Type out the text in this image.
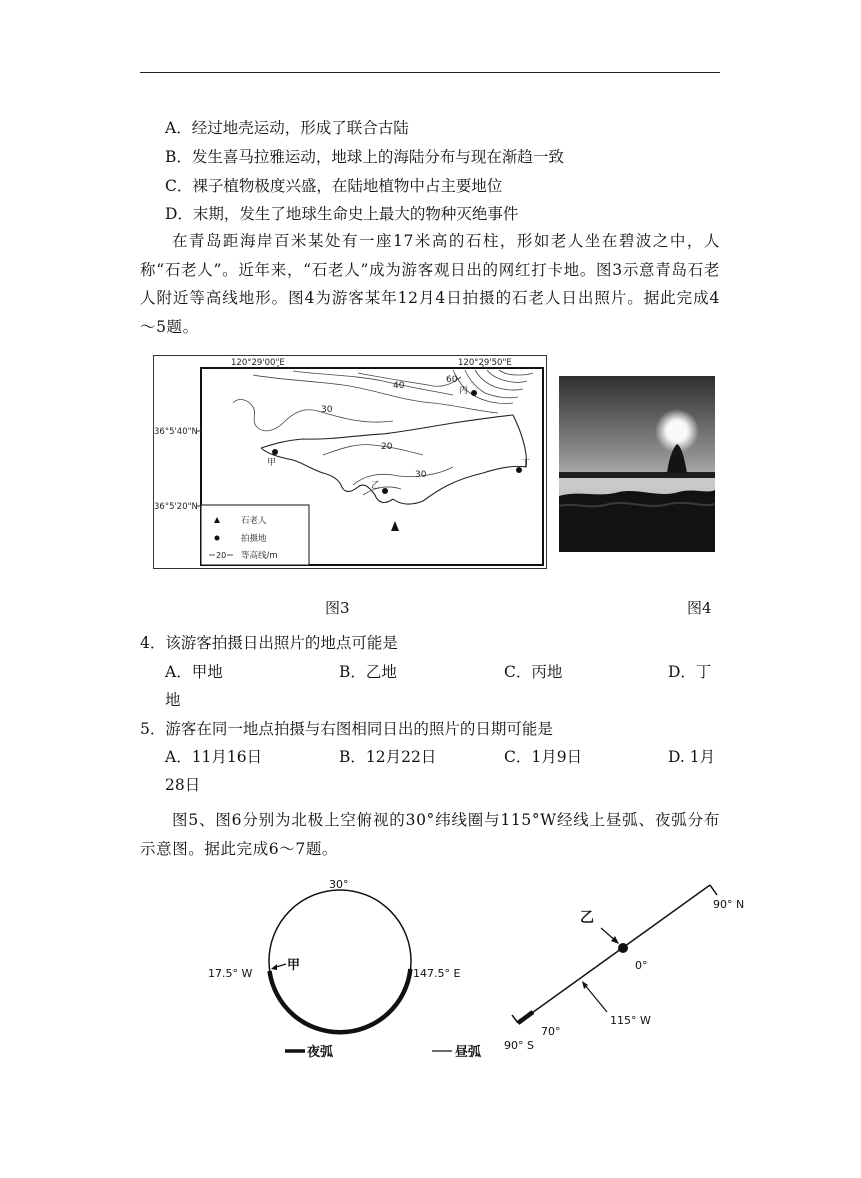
A．经过地壳运动，形成了联合古陆
B．发生喜马拉雅运动，地球上的海陆分布与现在渐趋一致
C．裸子植物极度兴盛，在陆地植物中占主要地位
D．末期，发生了地球生命史上最大的物种灭绝事件
在青岛距海岸百米某处有一座17米高的石柱，形如老人坐在碧波之中，人称“石老人”。近年来，“石老人”成为游客观日出的网红打卡地。图3示意青岛石老人附近等高线地形。图4为游客某年12月4日拍摄的石老人日出照片。据此完成4～5题。
120°29'00"E	120°29'50"E
36°5'40"N
36°5'20"N
30
40
60
20
30
甲
乙
丙
丁
石老人
拍摄地
20 等高线/m
图3	图4
4．该游客拍摄日出照片的地点可能是
A．甲地	B．乙地	C．丙地	D．丁
地
5．游客在同一地点拍摄与右图相同日出的照片的日期可能是
A．11月16日	B．12月22日	C．1月9日	D. 1月
28日
图5、图6分别为北极上空俯视的30°纬线圈与115°W经线上昼弧、夜弧分布示意图。据此完成6～7题。
30°
17.5° W	147.5° E
甲
夜弧	昼弧
乙
90° N
0°
70°
90° S
115° W
